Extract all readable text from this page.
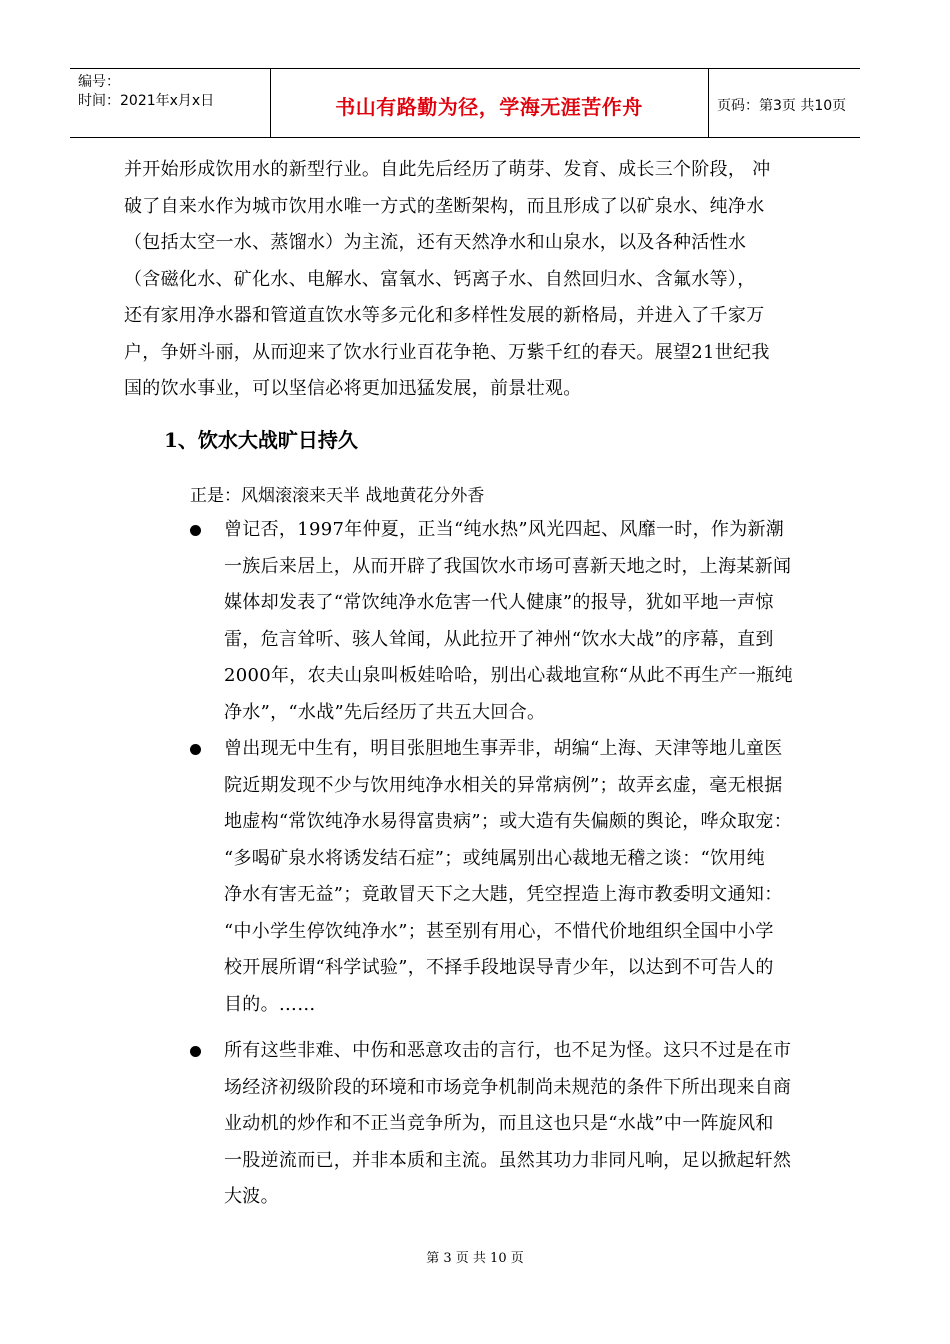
编号：
时间：2021年x月x日	书山有路勤为径，学海无涯苦作舟	页码：第3页 共10页
并开始形成饮用水的新型行业。自此先后经历了萌芽、发育、成长三个阶段， 冲
破了自来水作为城市饮用水唯一方式的垄断架构，而且形成了以矿泉水、纯净水
（包括太空一水、蒸馏水）为主流，还有天然净水和山泉水，以及各种活性水
（含磁化水、矿化水、电解水、富氧水、钙离子水、自然回归水、含氟水等），
还有家用净水器和管道直饮水等多元化和多样性发展的新格局，并进入了千家万
户，争妍斗丽，从而迎来了饮水行业百花争艳、万紫千红的春天。展望21世纪我
国的饮水事业，可以坚信必将更加迅猛发展，前景壮观。
1、饮水大战旷日持久
正是：风烟滚滚来天半 战地黄花分外香
曾记否，1997年仲夏，正当“纯水热”风光四起、风靡一时，作为新潮
一族后来居上，从而开辟了我国饮水市场可喜新天地之时，上海某新闻
媒体却发表了“常饮纯净水危害一代人健康”的报导，犹如平地一声惊
雷，危言耸听、骇人耸闻，从此拉开了神州“饮水大战”的序幕，直到
2000年，农夫山泉叫板娃哈哈，别出心裁地宣称“从此不再生产一瓶纯
净水”，“水战”先后经历了共五大回合。
曾出现无中生有，明目张胆地生事弄非，胡编“上海、天津等地儿童医
院近期发现不少与饮用纯净水相关的异常病例”；故弄玄虚，毫无根据
地虚构“常饮纯净水易得富贵病”；或大造有失偏颇的舆论，哗众取宠：
“多喝矿泉水将诱发结石症”；或纯属别出心裁地无稽之谈：“饮用纯
净水有害无益”；竟敢冒天下之大韪，凭空捏造上海市教委明文通知：
“中小学生停饮纯净水”；甚至别有用心，不惜代价地组织全国中小学
校开展所谓“科学试验”，不择手段地误导青少年，以达到不可告人的
目的。……
所有这些非难、中伤和恶意攻击的言行，也不足为怪。这只不过是在市
场经济初级阶段的环境和市场竞争机制尚未规范的条件下所出现来自商
业动机的炒作和不正当竞争所为，而且这也只是“水战”中一阵旋风和
一股逆流而已，并非本质和主流。虽然其功力非同凡响，足以掀起轩然
大波。
第 3 页 共 10 页
